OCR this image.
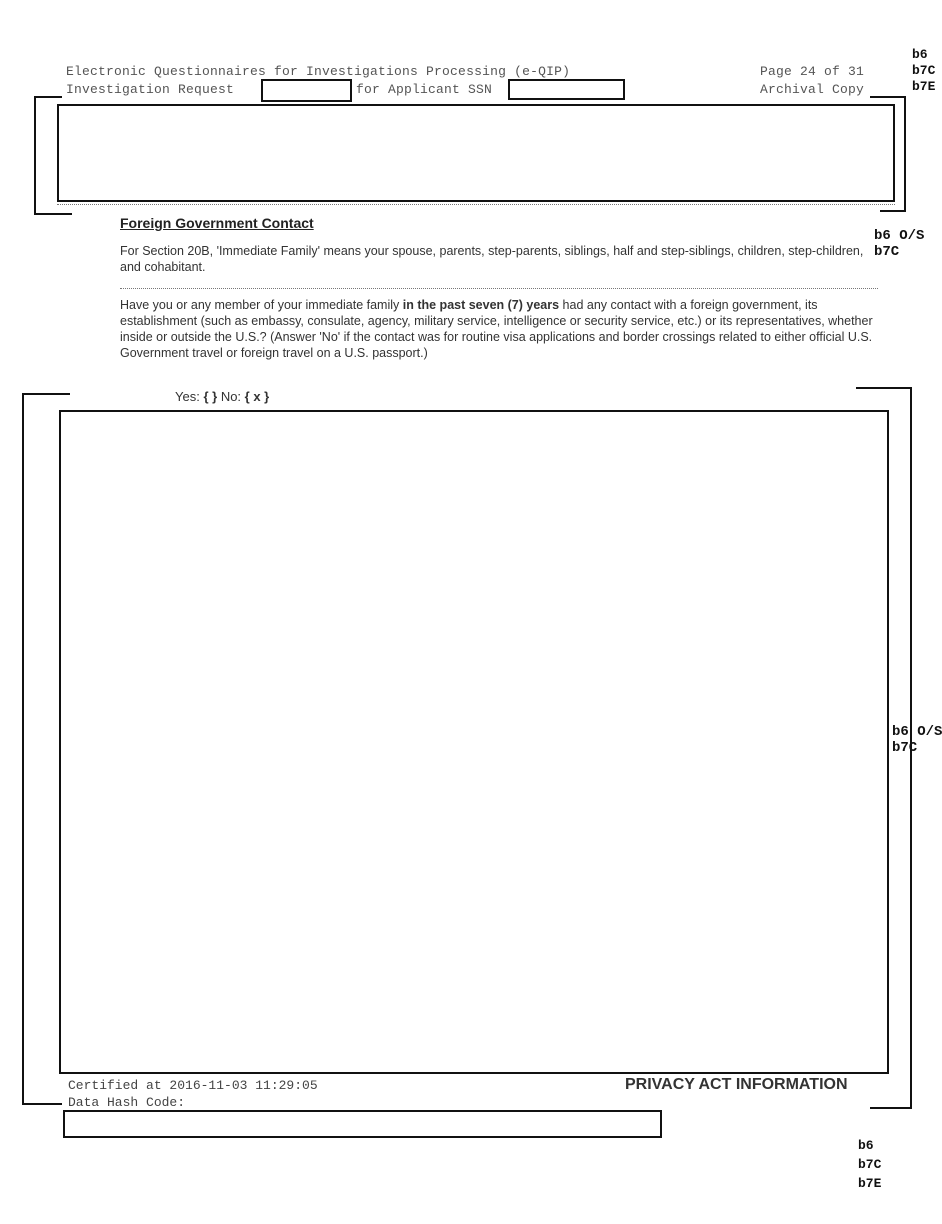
Electronic Questionnaires for Investigations Processing (e-QIP)	Page 24 of 31
Investigation Request	for Applicant SSN	Archival Copy
b6
b7C
b7E
Foreign Government Contact
b6 O/S
b7C
For Section 20B, 'Immediate Family' means your spouse, parents, step-parents, siblings, half and step-siblings, children, step-children, and cohabitant.
Have you or any member of your immediate family in the past seven (7) years had any contact with a foreign government, its establishment (such as embassy, consulate, agency, military service, intelligence or security service, etc.) or its representatives, whether inside or outside the U.S.? (Answer 'No' if the contact was for routine visa applications and border crossings related to either official U.S. Government travel or foreign travel on a U.S. passport.)
Yes: { } No: { x }
b6 O/S
b7C
Certified at 2016-11-03 11:29:05
Data Hash Code:
PRIVACY ACT INFORMATION
b6
b7C
b7E
